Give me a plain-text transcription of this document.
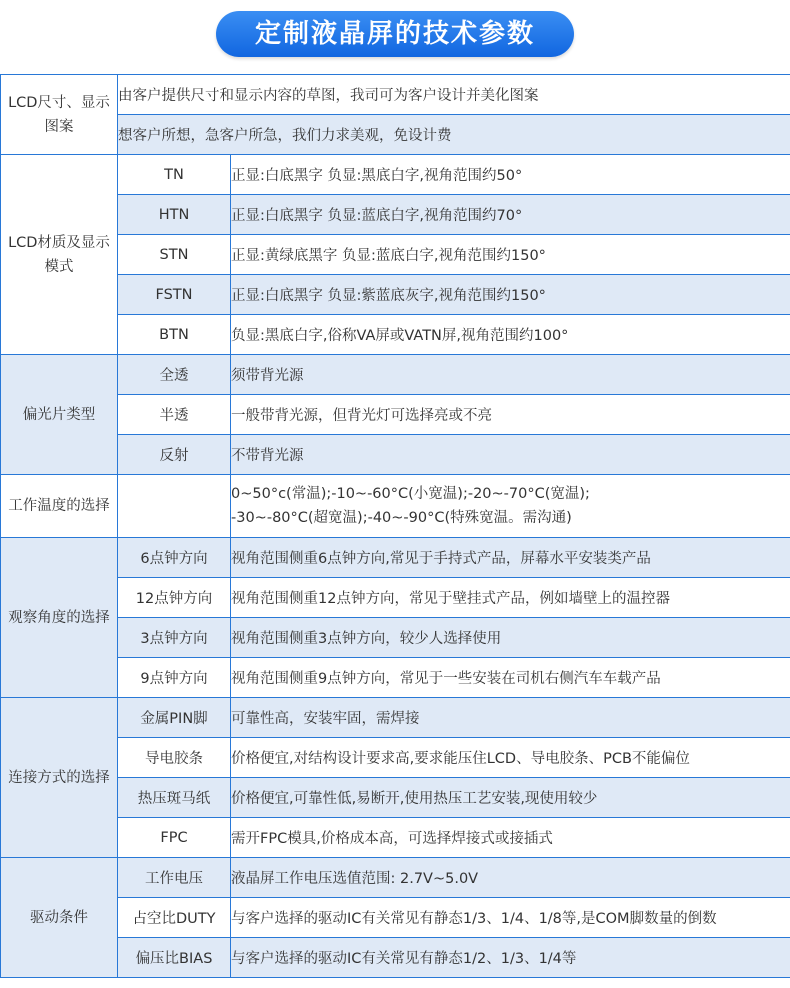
定制液晶屏的技术参数
LCD尺寸、显示图案	由客户提供尺寸和显示内容的草图，我司可为客户设计并美化图案	
	想客户所想，急客户所急，我们力求美观，免设计费	
LCD材质及显示模式	TN	正显:白底黑字 负显:黑底白字,视角范围约50°
	HTN	正显:白底黑字 负显:蓝底白字,视角范围约70°
	STN	正显:黄绿底黑字 负显:蓝底白字,视角范围约150°
	FSTN	正显:白底黑字 负显:紫蓝底灰字,视角范围约150°
	BTN	负显:黑底白字,俗称VA屏或VATN屏,视角范围约100°
偏光片类型	全透	须带背光源
	半透	一般带背光源，但背光灯可选择亮或不亮
	反射	不带背光源
工作温度的选择		0~50°c(常温);-10~-60°C(小宽温);-20~-70°C(宽温);
-30~-80°C(超宽温);-40~-90°C(特殊宽温。需沟通)

观察角度的选择	6点钟方向	视角范围侧重6点钟方向,常见于手持式产品，屏幕水平安装类产品
	12点钟方向	视角范围侧重12点钟方向，常见于壁挂式产品，例如墙壁上的温控器
	3点钟方向	视角范围侧重3点钟方向，较少人选择使用
	9点钟方向	视角范围侧重9点钟方向，常见于一些安装在司机右侧汽车车载产品
连接方式的选择	金属PIN脚	可靠性高，安装牢固，需焊接
	导电胶条	价格便宜,对结构设计要求高,要求能压住LCD、导电胶条、PCB不能偏位
	热压斑马纸	价格便宜,可靠性低,易断开,使用热压工艺安装,现使用较少
	FPC	需开FPC模具,价格成本高，可选择焊接式或接插式
驱动条件	工作电压	液晶屏工作电压选值范围: 2.7V~5.0V
	占空比DUTY	与客户选择的驱动IC有关常见有静态1/3、1/4、1/8等,是COM脚数量的倒数
	偏压比BIAS	与客户选择的驱动IC有关常见有静态1/2、1/3、1/4等
